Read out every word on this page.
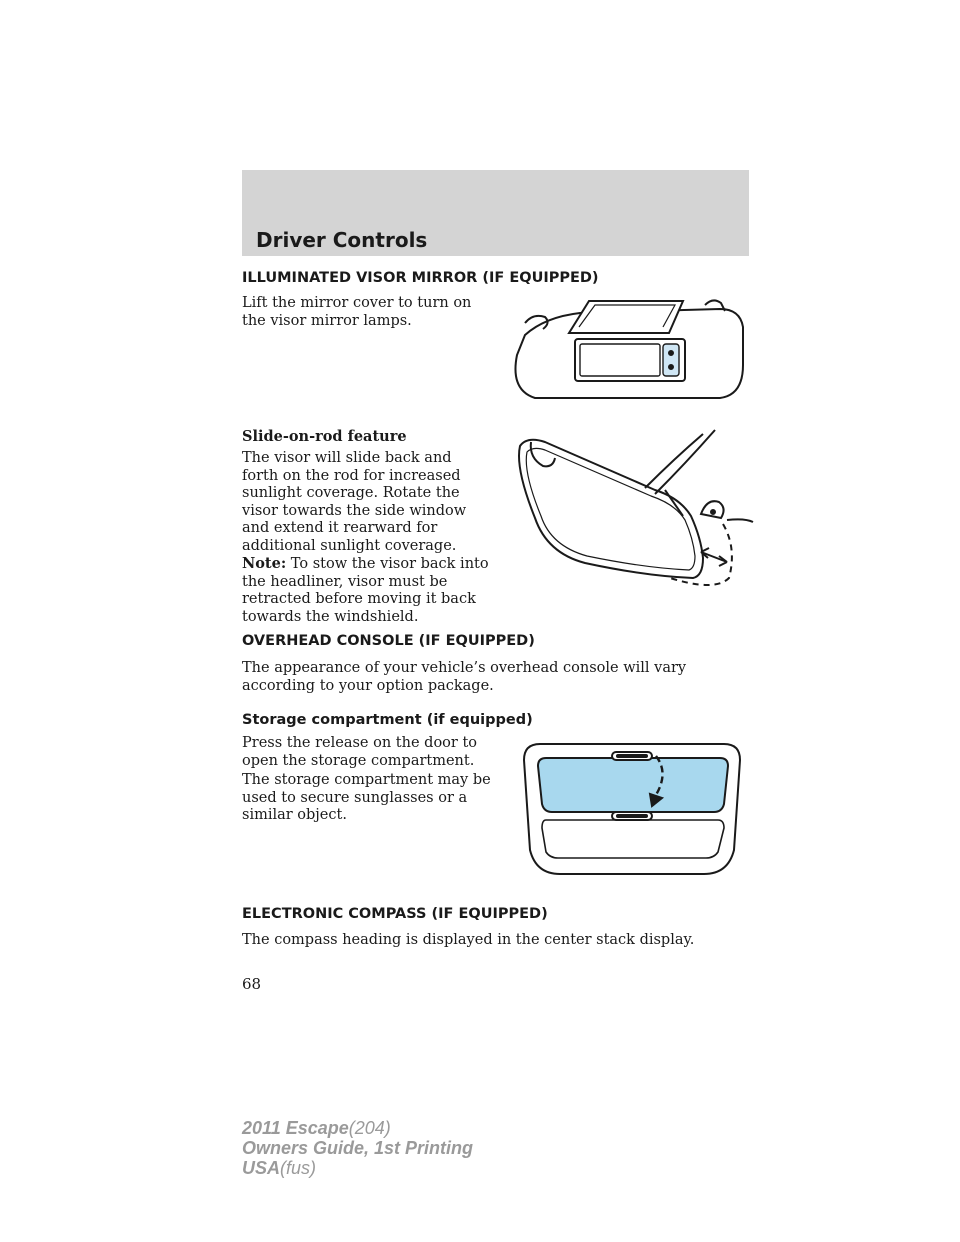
Driver Controls
ILLUMINATED VISOR MIRROR (IF EQUIPPED)

Lift the mirror cover to turn on the visor mirror lamps.

Slide-on-rod feature

The visor will slide back and forth on the rod for increased sunlight coverage. Rotate the visor towards the side window and extend it rearward for additional sunlight coverage.

Note: To stow the visor back into the headliner, visor must be retracted before moving it back towards the windshield.

OVERHEAD CONSOLE (IF EQUIPPED)

The appearance of your vehicle’s overhead console will vary according to your option package.

Storage compartment (if equipped)

Press the release on the door to open the storage compartment.

The storage compartment may be used to secure sunglasses or a similar object.

ELECTRONIC COMPASS (IF EQUIPPED)

The compass heading is displayed in the center stack display.

68
2011 Escape(204)
Owners Guide, 1st Printing
USA(fus)
